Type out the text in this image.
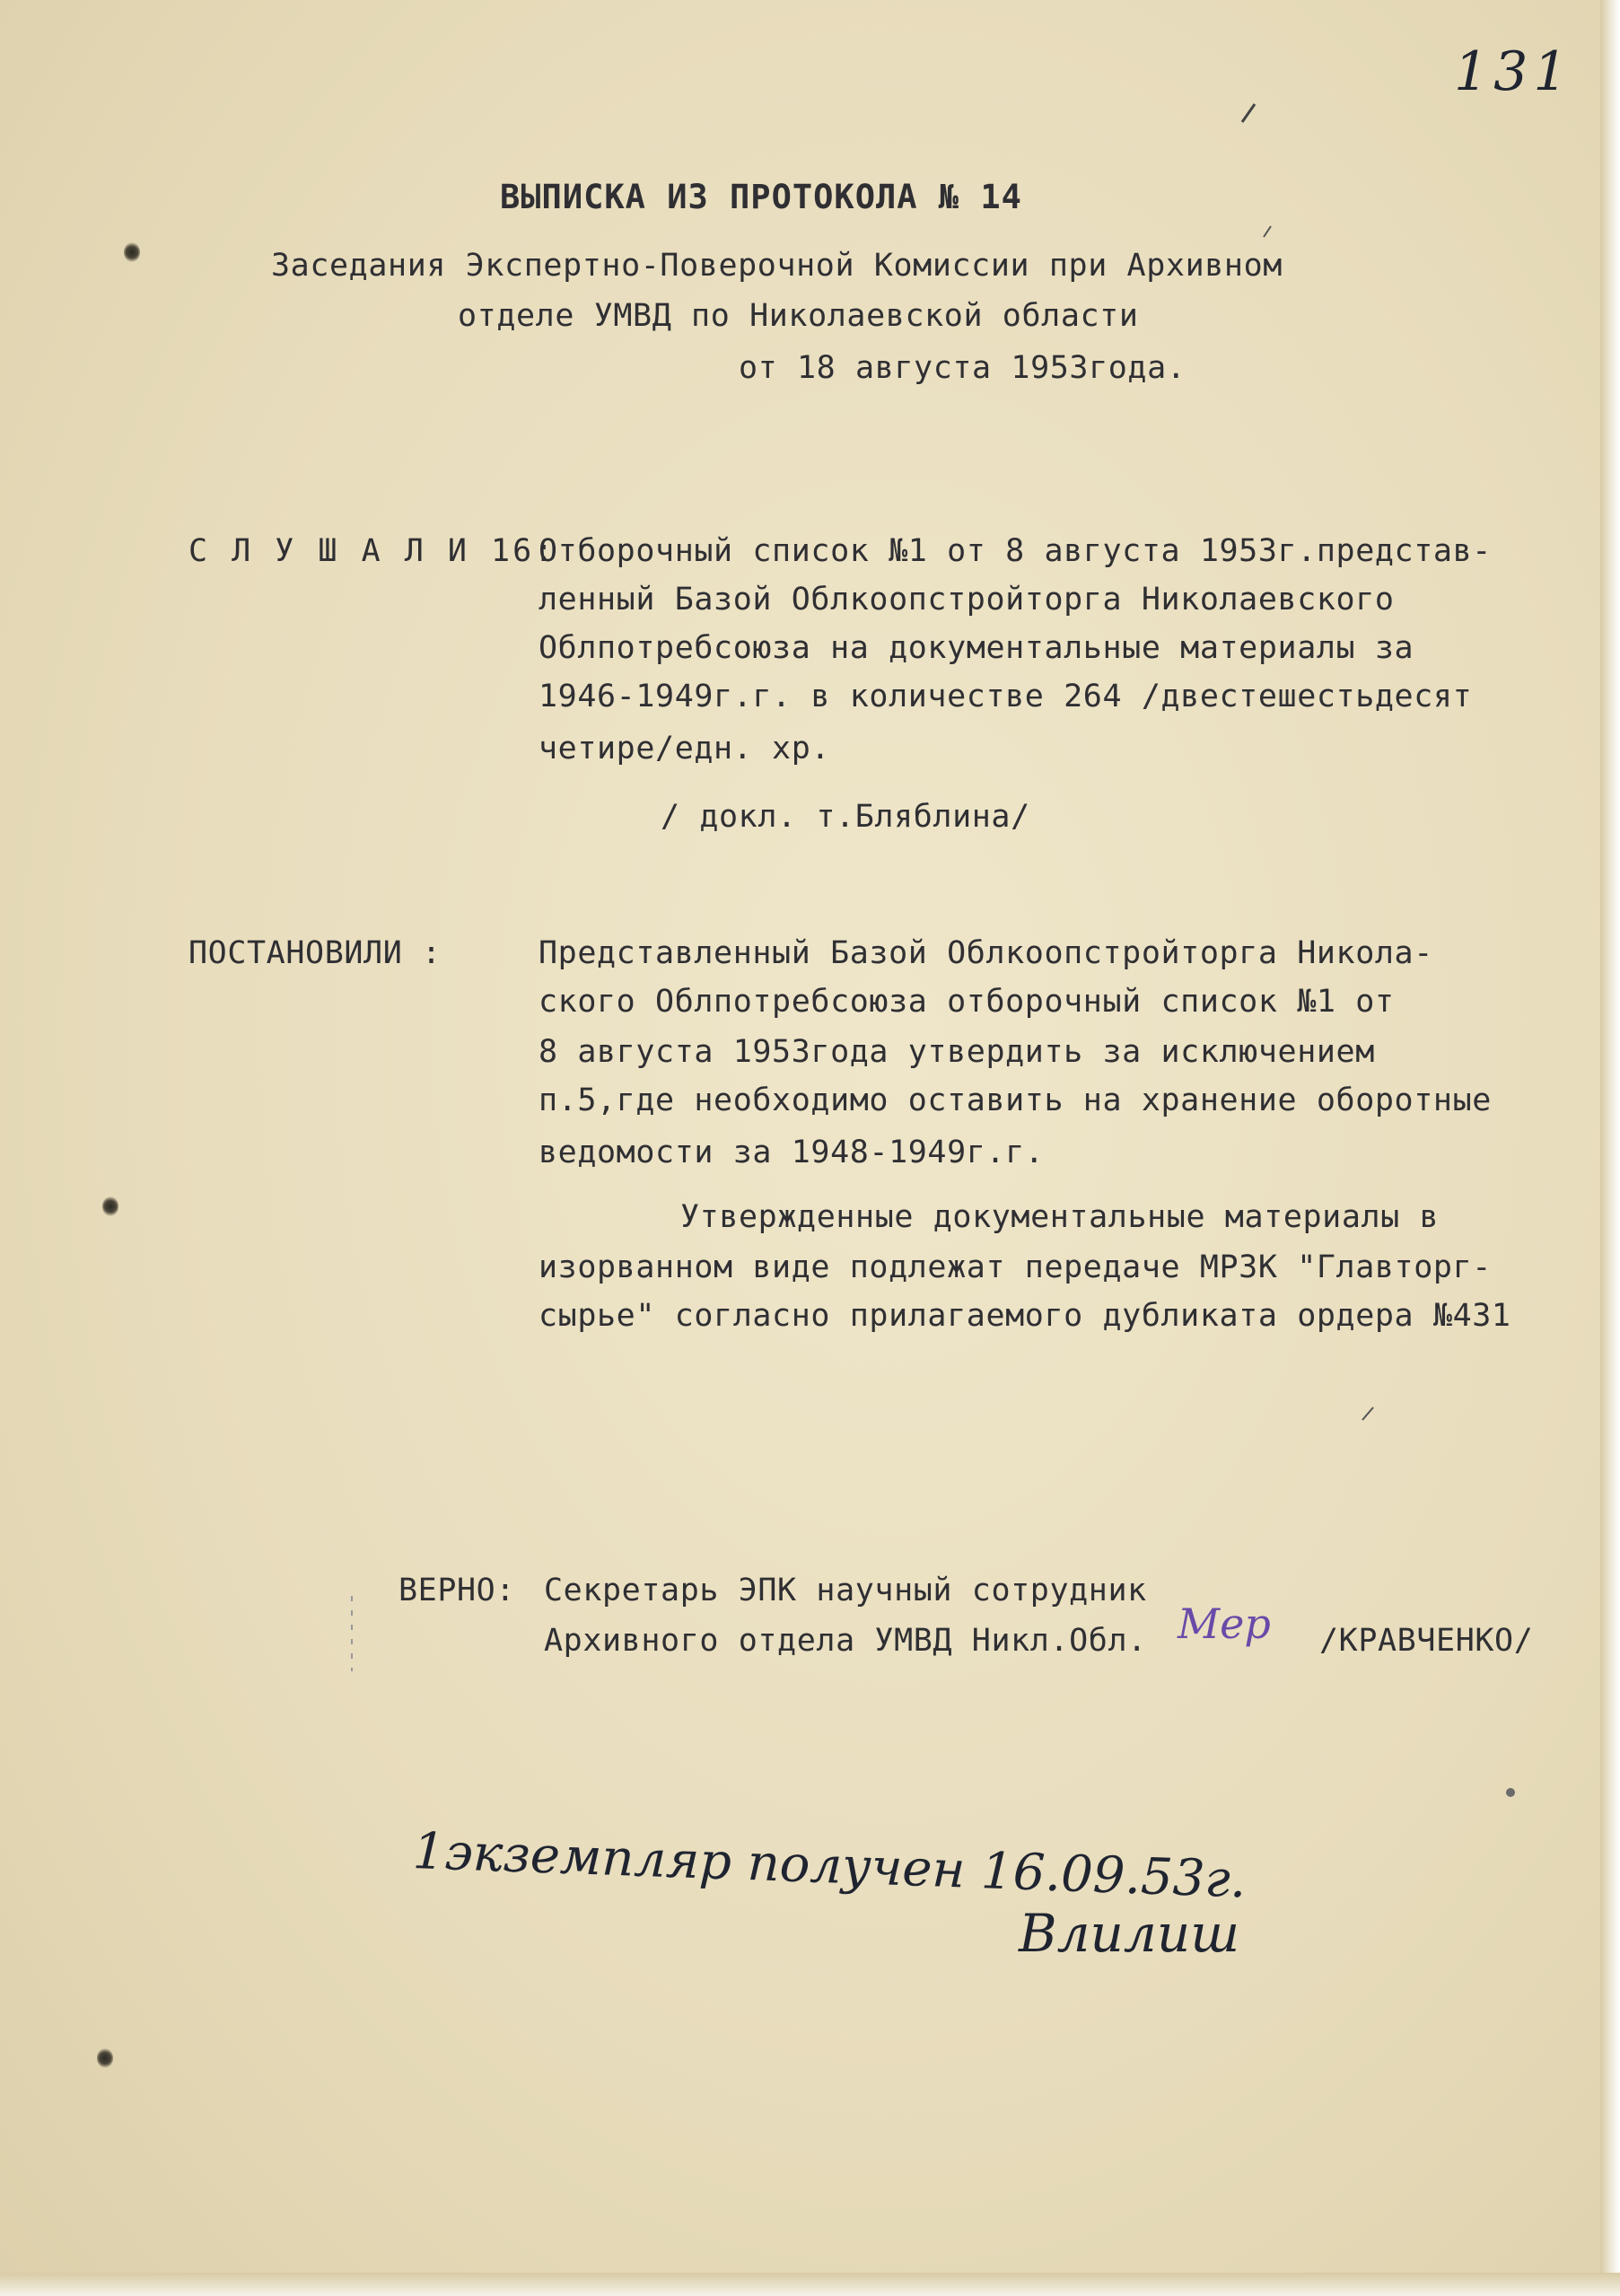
131
ВЫПИСКА ИЗ ПРОТОКОЛА № 14
Заседания Экспертно-Поверочной Комиссии при Архивном
отделе УМВД по Николаевской области
от 18 августа 1953года.
С Л У Ш А Л И 16:
Отборочный список №1 от 8 августа 1953г.представ-
ленный Базой Облкоопстройторга Николаевского
Облпотребсоюза на документальные материалы за
1946-1949г.г. в количестве 264 /двестешестьдесят
четире/едн. хр.
/ докл. т.Бляблина/
ПОСТАНОВИЛИ :	Представленный Базой Облкоопстройторга Никола-
ского Облпотребсоюза отборочный список №1 от
8 августа 1953года утвердить за исключением
п.5,где необходимо оставить на хранение оборотные
ведомости за 1948-1949г.г.
Утвержденные документальные материалы в
изорванном виде подлежат передаче МРЗК "Главторг-
сырье" согласно прилагаемого дубликата ордера №431
ВЕРНО: Секретарь ЭПК научный сотрудник
Архивного отдела УМВД Никл.Обл. Мер /КРАВЧЕНКО/
1экземпляр получен 16.09.53г.
Влилиш
